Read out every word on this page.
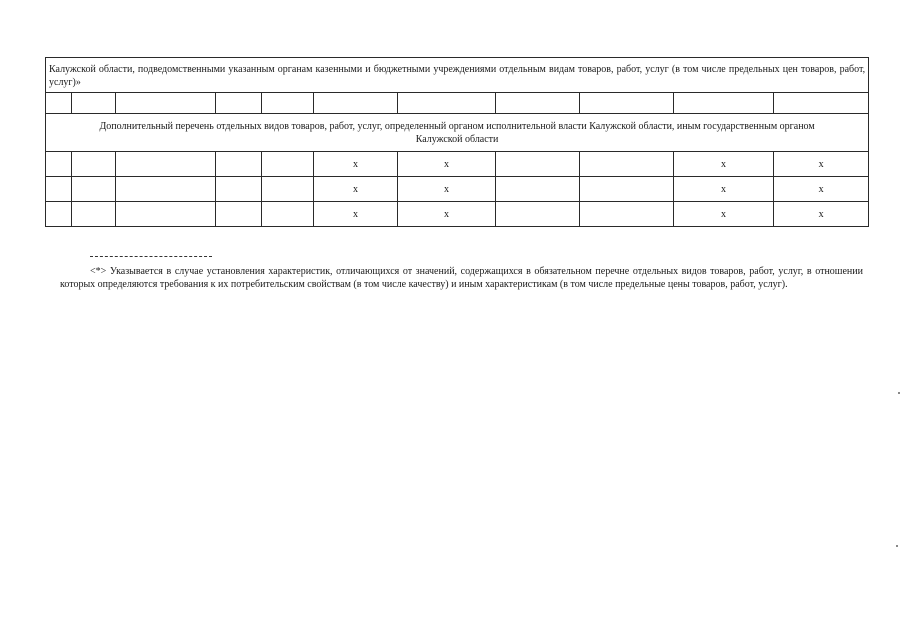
Калужской области, подведомственными указанным органам казенными и бюджетными учреждениями отдельным видам товаров, работ, услуг (в том числе предельных цен товаров, работ, услуг)»										

Дополнительный перечень отдельных видов товаров, работ, услуг, определенный органом исполнительной власти Калужской области, иным государственным органом Калужской области										
					x	x			x	x
					x	x			x	x
					x	x			x	x
<*> Указывается в случае установления характеристик, отличающихся от значений, содержащихся в обязательном перечне отдельных видов товаров, работ, услуг, в отношении которых определяются требования к их потребительским свойствам (в том числе качеству) и иным характеристикам (в том числе предельные цены товаров, работ, услуг).
